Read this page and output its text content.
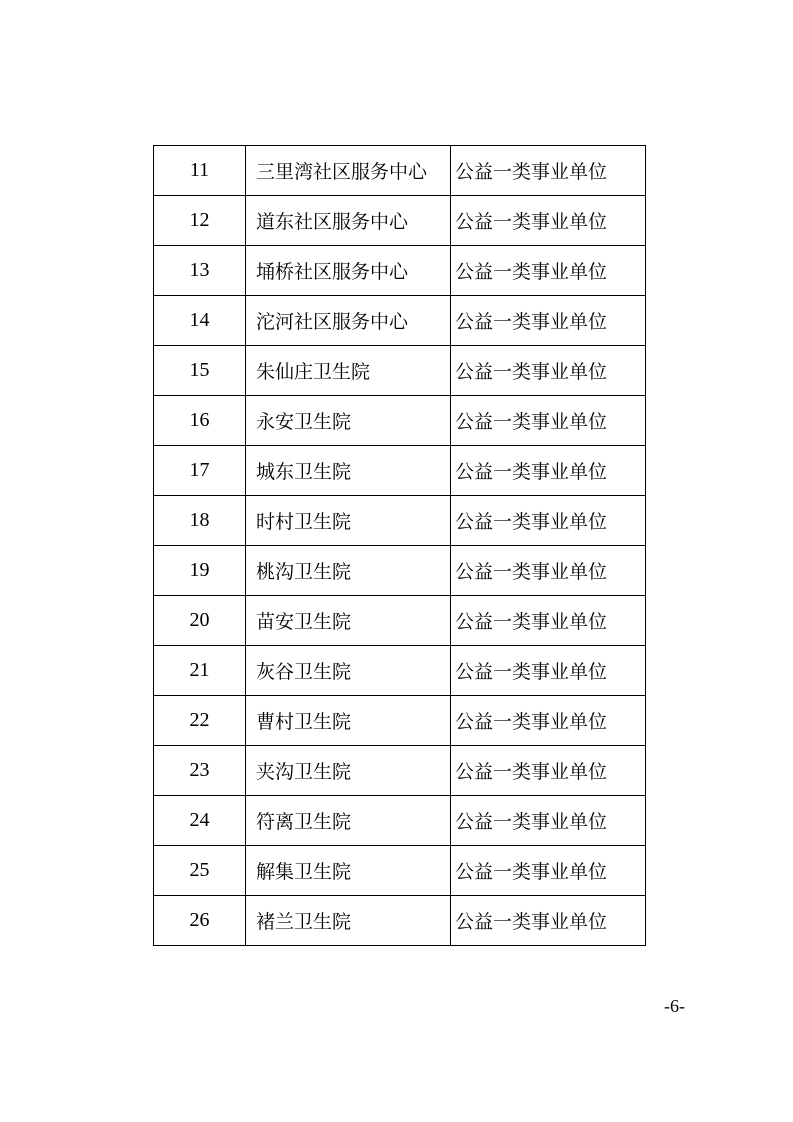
11	三里湾社区服务中心	公益一类事业单位
12	道东社区服务中心	公益一类事业单位
13	埇桥社区服务中心	公益一类事业单位
14	沱河社区服务中心	公益一类事业单位
15	朱仙庄卫生院	公益一类事业单位
16	永安卫生院	公益一类事业单位
17	城东卫生院	公益一类事业单位
18	时村卫生院	公益一类事业单位
19	桃沟卫生院	公益一类事业单位
20	苗安卫生院	公益一类事业单位
21	灰谷卫生院	公益一类事业单位
22	曹村卫生院	公益一类事业单位
23	夹沟卫生院	公益一类事业单位
24	符离卫生院	公益一类事业单位
25	解集卫生院	公益一类事业单位
26	褚兰卫生院	公益一类事业单位
-6-
